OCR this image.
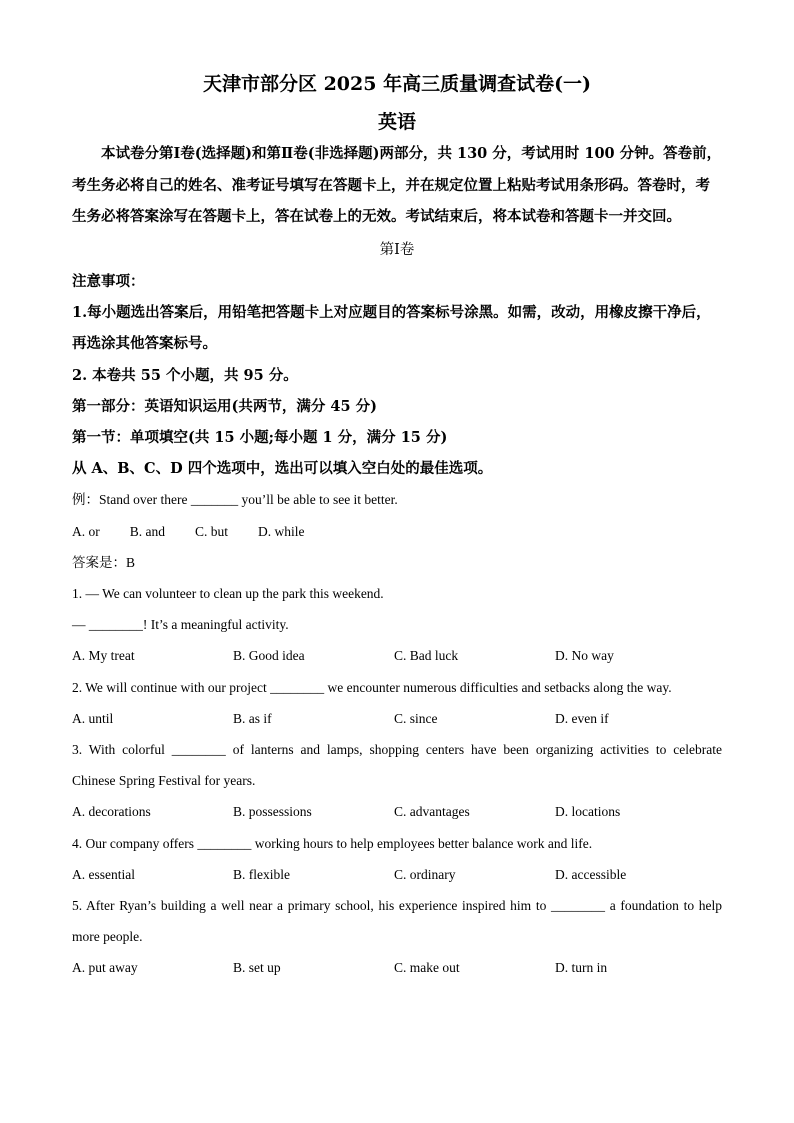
天津市部分区 2025 年高三质量调查试卷(一)
英语

本试卷分第Ⅰ卷(选择题)和第Ⅱ卷(非选择题)两部分，共 130 分，考试用时 100 分钟。答卷前，考生务必将自己的姓名、准考证号填写在答题卡上，并在规定位置上粘贴考试用条形码。答卷时，考生务必将答案涂写在答题卡上，答在试卷上的无效。考试结束后，将本试卷和答题卡一并交回。

第Ⅰ卷

注意事项：

1.每小题选出答案后，用铅笔把答题卡上对应题目的答案标号涂黑。如需，改动，用橡皮擦干净后，再选涂其他答案标号。

2. 本卷共 55 个小题，共 95 分。

第一部分：英语知识运用(共两节，满分 45 分)

第一节：单项填空(共 15 小题;每小题 1 分，满分 15 分)

从 A、B、C、D 四个选项中，选出可以填入空白处的最佳选项。

例：Stand over there _______ you’ll be able to see it better.

A. or B. and C. but D. while

答案是：B

1. — We can volunteer to clean up the park this weekend.

— ________! It’s a meaningful activity.

A. My treat	B. Good idea	C. Bad luck	D. No way

2. We will continue with our project ________ we encounter numerous difficulties and setbacks along the way.

A. until	B. as if	C. since	D. even if

3. With colorful ________ of lanterns and lamps, shopping centers have been organizing activities to celebrate

Chinese Spring Festival for years.

A. decorations	B. possessions	C. advantages	D. locations

4. Our company offers ________ working hours to help employees better balance work and life.

A. essential	B. flexible	C. ordinary	D. accessible

5. After Ryan’s building a well near a primary school, his experience inspired him to ________ a foundation to help

more people.

A. put away	B. set up	C. make out	D. turn in
